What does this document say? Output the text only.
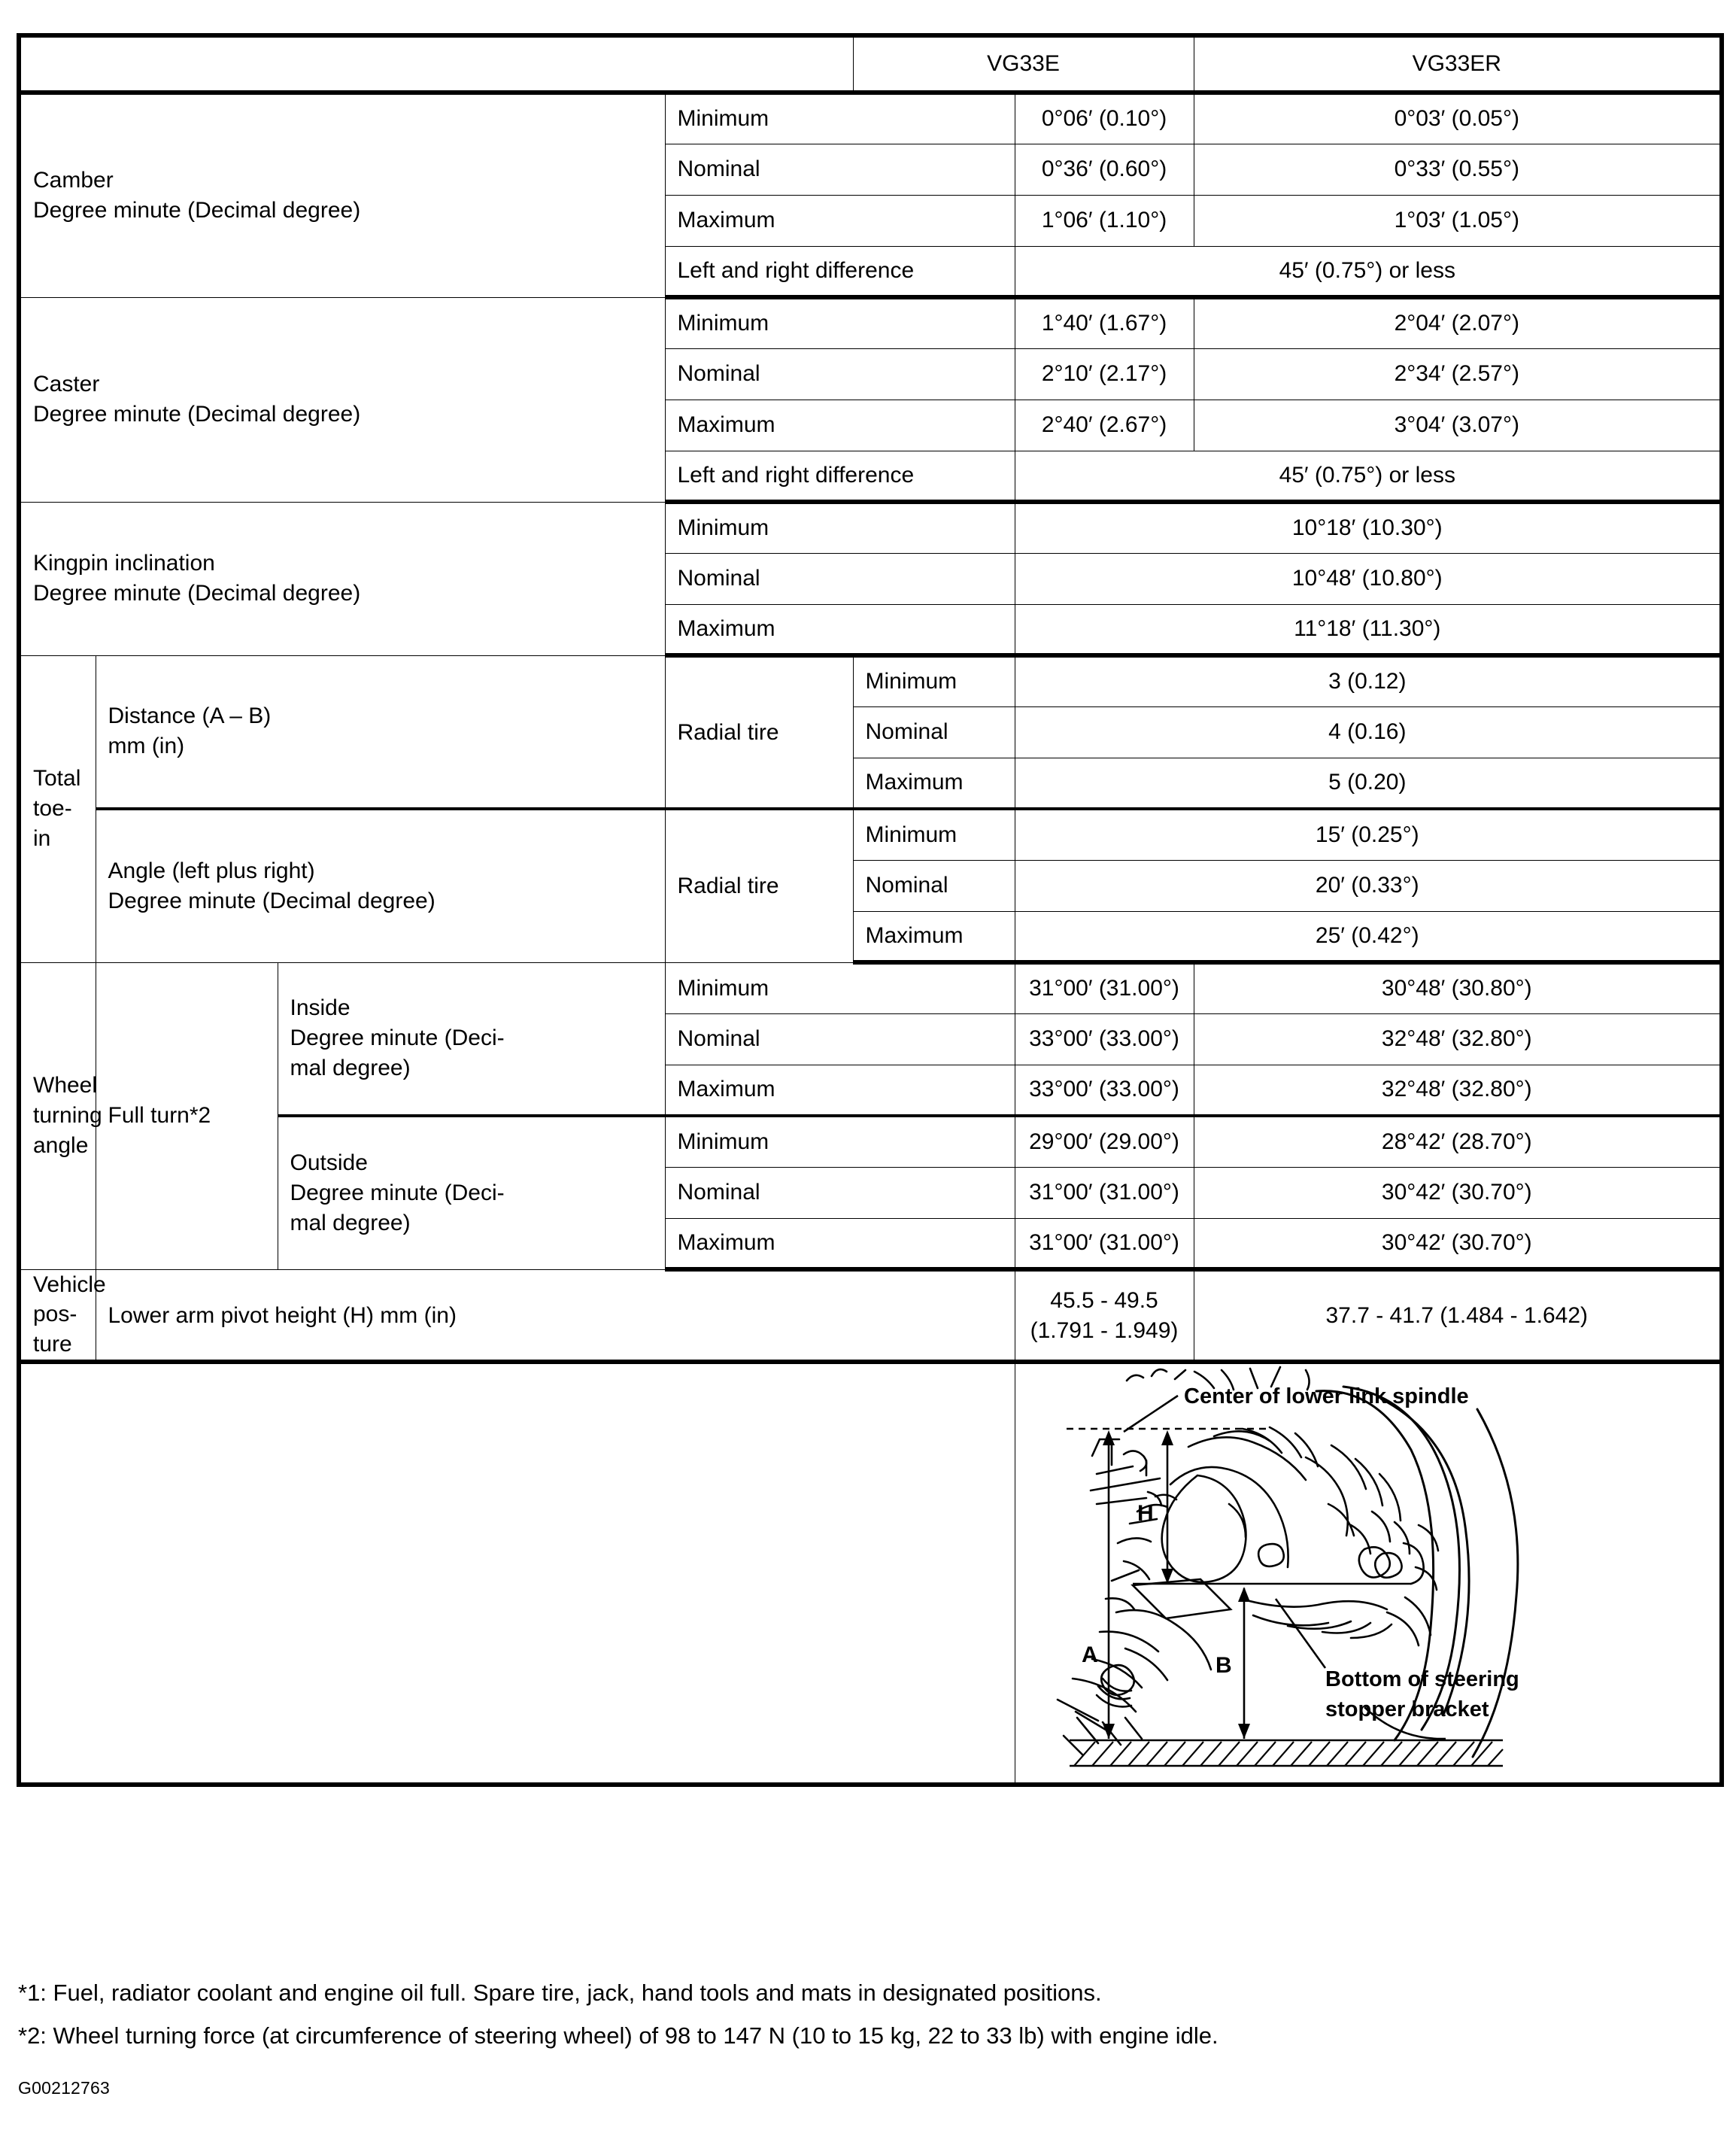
				VG33E		VG33ER

Camber
Degree minute (Decimal degree)			Minimum		0°06′ (0.10°)	0°03′ (0.05°)
			Nominal		0°36′ (0.60°)	0°33′ (0.55°)
			Maximum		1°06′ (1.10°)	1°03′ (1.05°)
			Left and right difference		45′ (0.75°) or less	

Caster
Degree minute (Decimal degree)			Minimum		1°40′ (1.67°)	2°04′ (2.07°)
			Nominal		2°10′ (2.17°)	2°34′ (2.57°)
			Maximum		2°40′ (2.67°)	3°04′ (3.07°)
			Left and right difference		45′ (0.75°) or less	

Kingpin inclination
Degree minute (Decimal degree)			Minimum		10°18′ (10.30°)	
			Nominal		10°48′ (10.80°)	
			Maximum		11°18′ (11.30°)	
Total toe-in	Distance (A – B)
mm (in)		Radial tire	Minimum	3 (0.12)	
				Nominal	4 (0.16)	
				Maximum	5 (0.20)	

	Angle (left plus right)
Degree minute (Decimal degree)		Radial tire	Minimum	15′ (0.25°)	
				Nominal	20′ (0.33°)	
				Maximum	25′ (0.42°)	

Wheel turning
angle
	Full turn*2	
Inside
Degree minute (Deci-
mal degree)
	Minimum	31°00′ (31.00°)	30°48′ (30.80°)
			Nominal		33°00′ (33.00°)	32°48′ (32.80°)
			Maximum		33°00′ (33.00°)	32°48′ (32.80°)

		Outside
Degree minute (Deci-
mal degree)	Minimum		29°00′ (29.00°)	28°42′ (28.70°)
			Nominal		31°00′ (31.00°)	30°42′ (30.70°)
			Maximum		31°00′ (31.00°)	30°42′ (30.70°)

Vehicle pos-
ture	Lower arm pivot height (H) mm (in)				45.5 - 49.5 (1.791 - 1.949)	37.7 - 41.7 (1.484 - 1.642)

Center of lower link spindle
H
A	B
Bottom of steering
stopper bracket

*1: Fuel, radiator coolant and engine oil full. Spare tire, jack, hand tools and mats in designated positions.

*2: Wheel turning force (at circumference of steering wheel) of 98 to 147 N (10 to 15 kg, 22 to 33 lb) with engine idle.

G00212763
